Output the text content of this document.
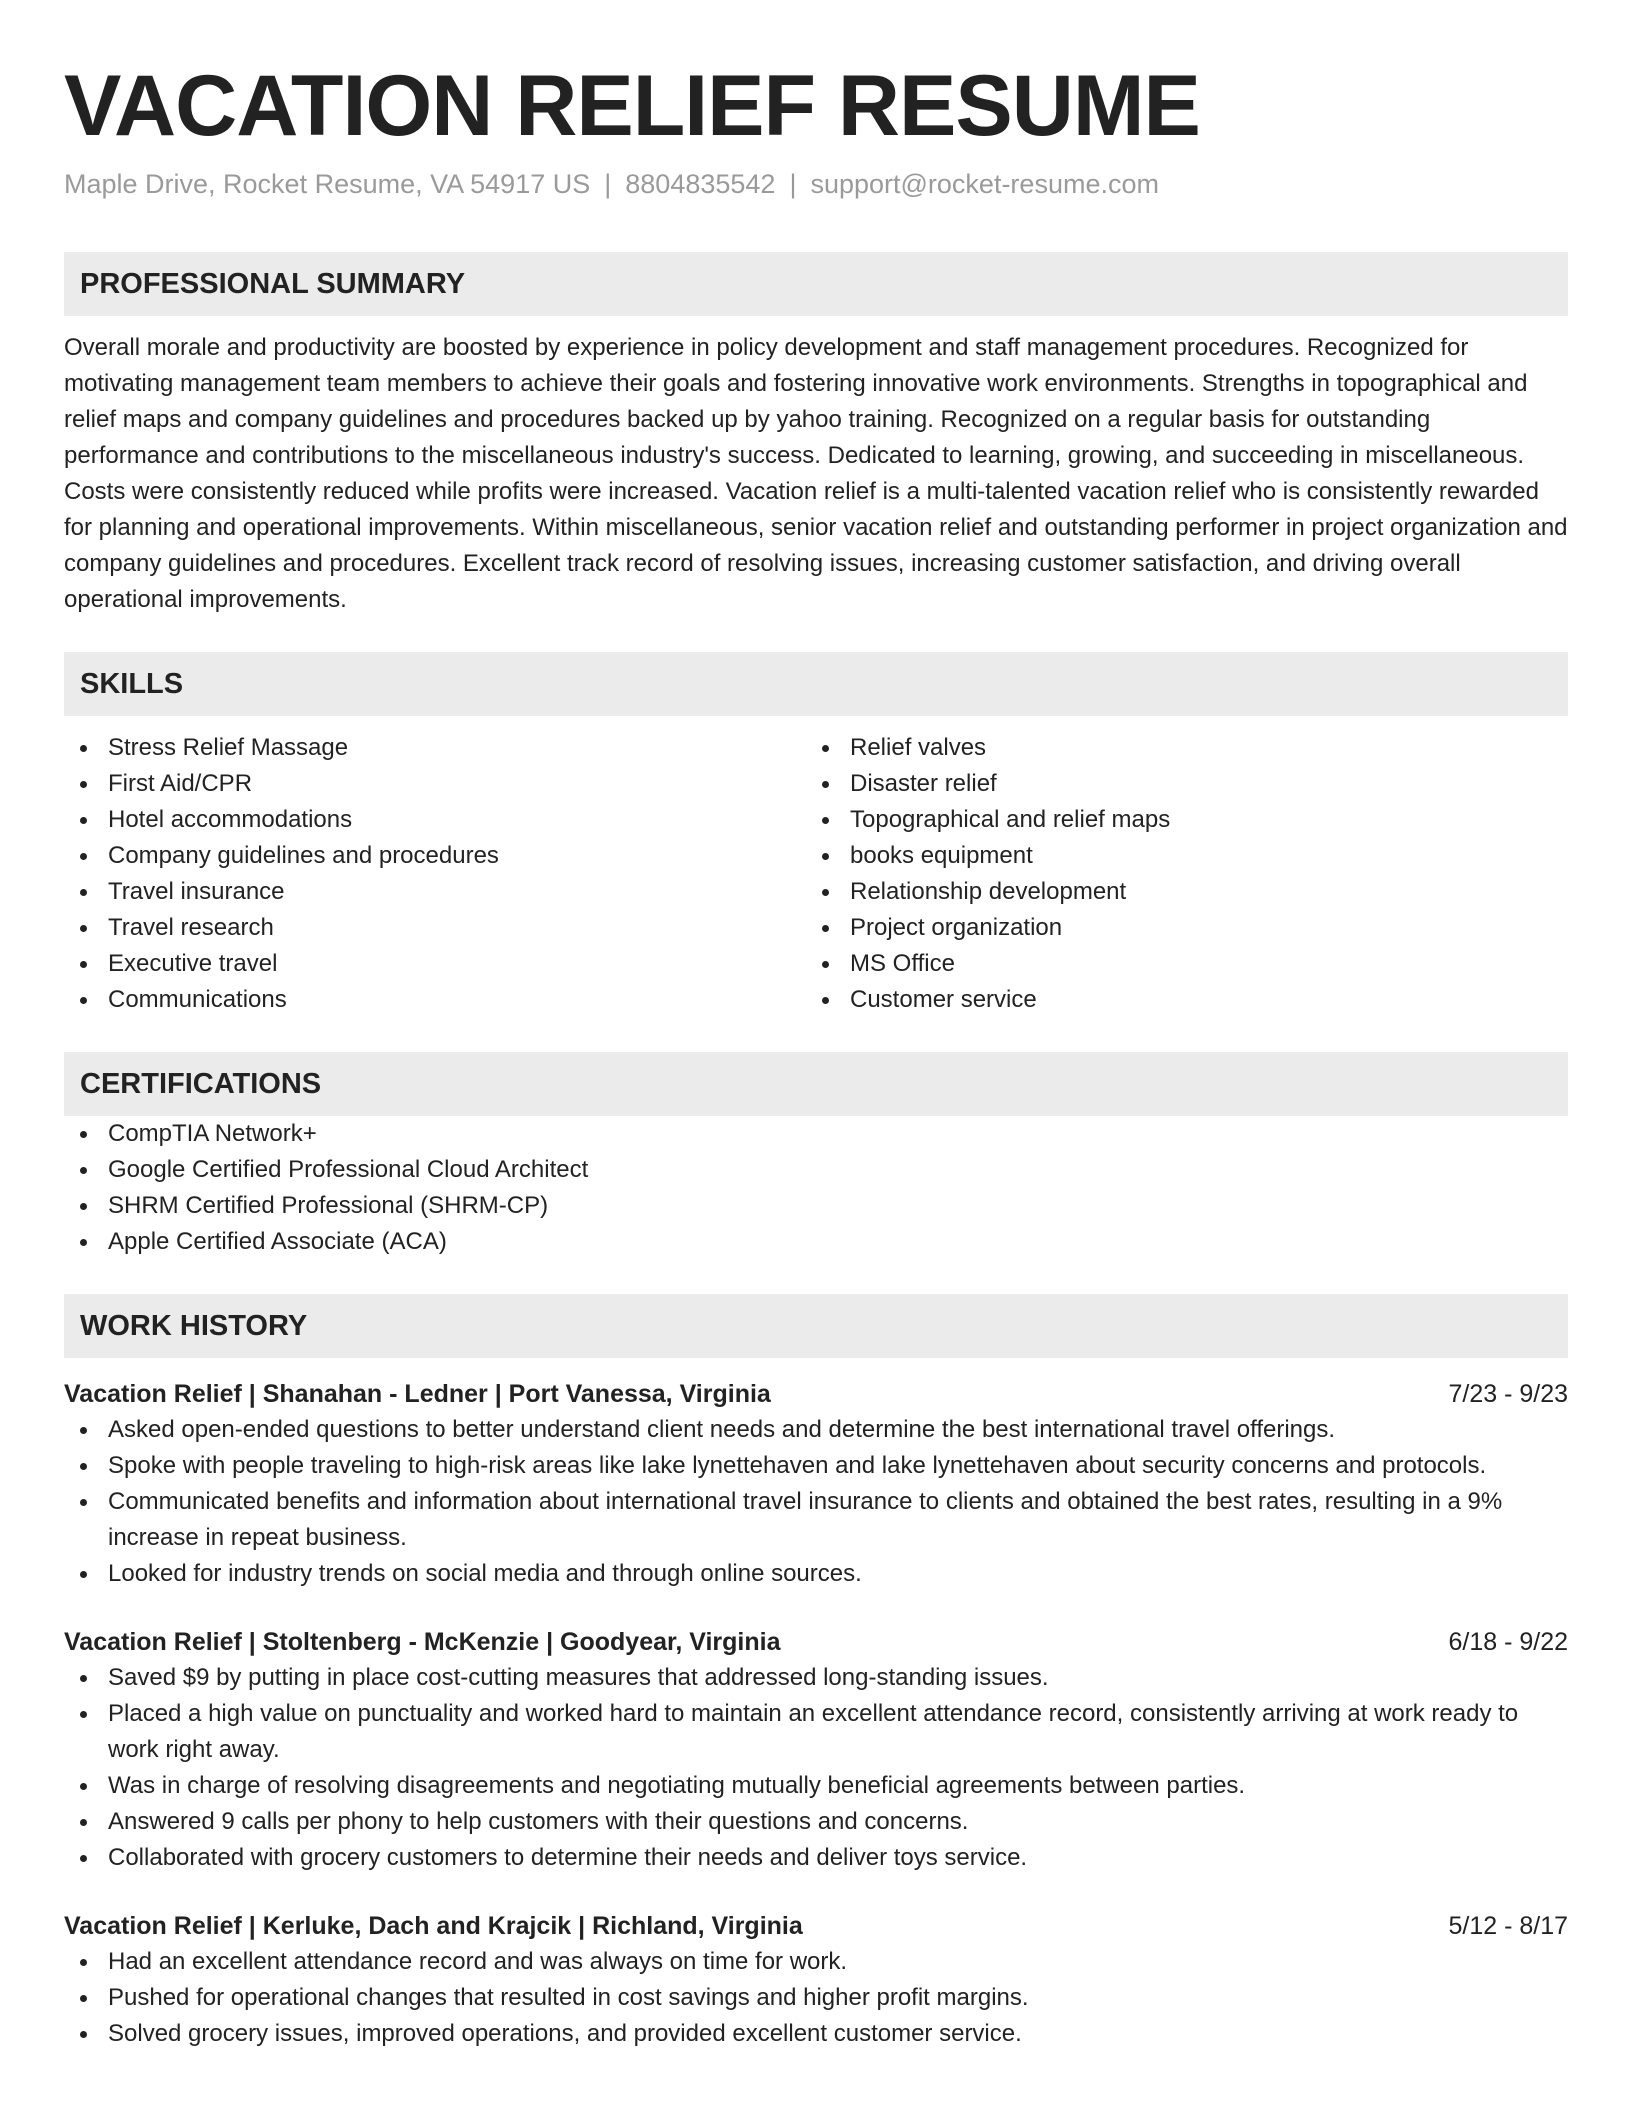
VACATION RELIEF RESUME
Maple Drive, Rocket Resume, VA 54917 US | 8804835542 | support@rocket-resume.com
PROFESSIONAL SUMMARY
Overall morale and productivity are boosted by experience in policy development and staff management procedures. Recognized for motivating management team members to achieve their goals and fostering innovative work environments. Strengths in topographical and relief maps and company guidelines and procedures backed up by yahoo training. Recognized on a regular basis for outstanding performance and contributions to the miscellaneous industry's success. Dedicated to learning, growing, and succeeding in miscellaneous. Costs were consistently reduced while profits were increased. Vacation relief is a multi-talented vacation relief who is consistently rewarded for planning and operational improvements. Within miscellaneous, senior vacation relief and outstanding performer in project organization and company guidelines and procedures. Excellent track record of resolving issues, increasing customer satisfaction, and driving overall operational improvements.
SKILLS
Stress Relief Massage
First Aid/CPR
Hotel accommodations
Company guidelines and procedures
Travel insurance
Travel research
Executive travel
Communications
Relief valves
Disaster relief
Topographical and relief maps
books equipment
Relationship development
Project organization
MS Office
Customer service
CERTIFICATIONS
CompTIA Network+
Google Certified Professional Cloud Architect
SHRM Certified Professional (SHRM-CP)
Apple Certified Associate (ACA)
WORK HISTORY
Vacation Relief | Shanahan - Ledner | Port Vanessa, Virginia	7/23 - 9/23
Asked open-ended questions to better understand client needs and determine the best international travel offerings.
Spoke with people traveling to high-risk areas like lake lynettehaven and lake lynettehaven about security concerns and protocols.
Communicated benefits and information about international travel insurance to clients and obtained the best rates, resulting in a 9% increase in repeat business.
Looked for industry trends on social media and through online sources.
Vacation Relief | Stoltenberg - McKenzie | Goodyear, Virginia	6/18 - 9/22
Saved $9 by putting in place cost-cutting measures that addressed long-standing issues.
Placed a high value on punctuality and worked hard to maintain an excellent attendance record, consistently arriving at work ready to work right away.
Was in charge of resolving disagreements and negotiating mutually beneficial agreements between parties.
Answered 9 calls per phony to help customers with their questions and concerns.
Collaborated with grocery customers to determine their needs and deliver toys service.
Vacation Relief | Kerluke, Dach and Krajcik | Richland, Virginia	5/12 - 8/17
Had an excellent attendance record and was always on time for work.
Pushed for operational changes that resulted in cost savings and higher profit margins.
Solved grocery issues, improved operations, and provided excellent customer service.
